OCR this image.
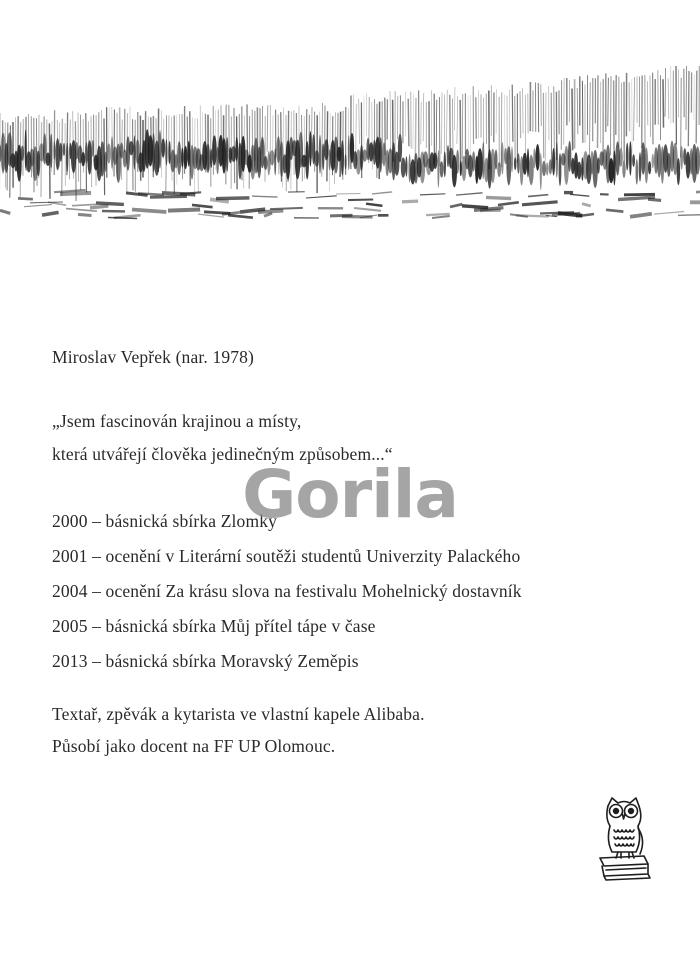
Miroslav Vepřek (nar. 1978)

„Jsem fascinován krajinou a místy,

která utvářejí člověka jedinečným způsobem...“

2000 – básnická sbírka Zlomky

2001 – ocenění v Literární soutěži studentů Univerzity Palackého

2004 – ocenění Za krásu slova na festivalu Mohelnický dostavník

2005 – básnická sbírka Můj přítel tápe v čase

2013 – básnická sbírka Moravský Zeměpis

Textař, zpěvák a kytarista ve vlastní kapele Alibaba.

Působí jako docent na FF UP Olomouc.

Gorila
